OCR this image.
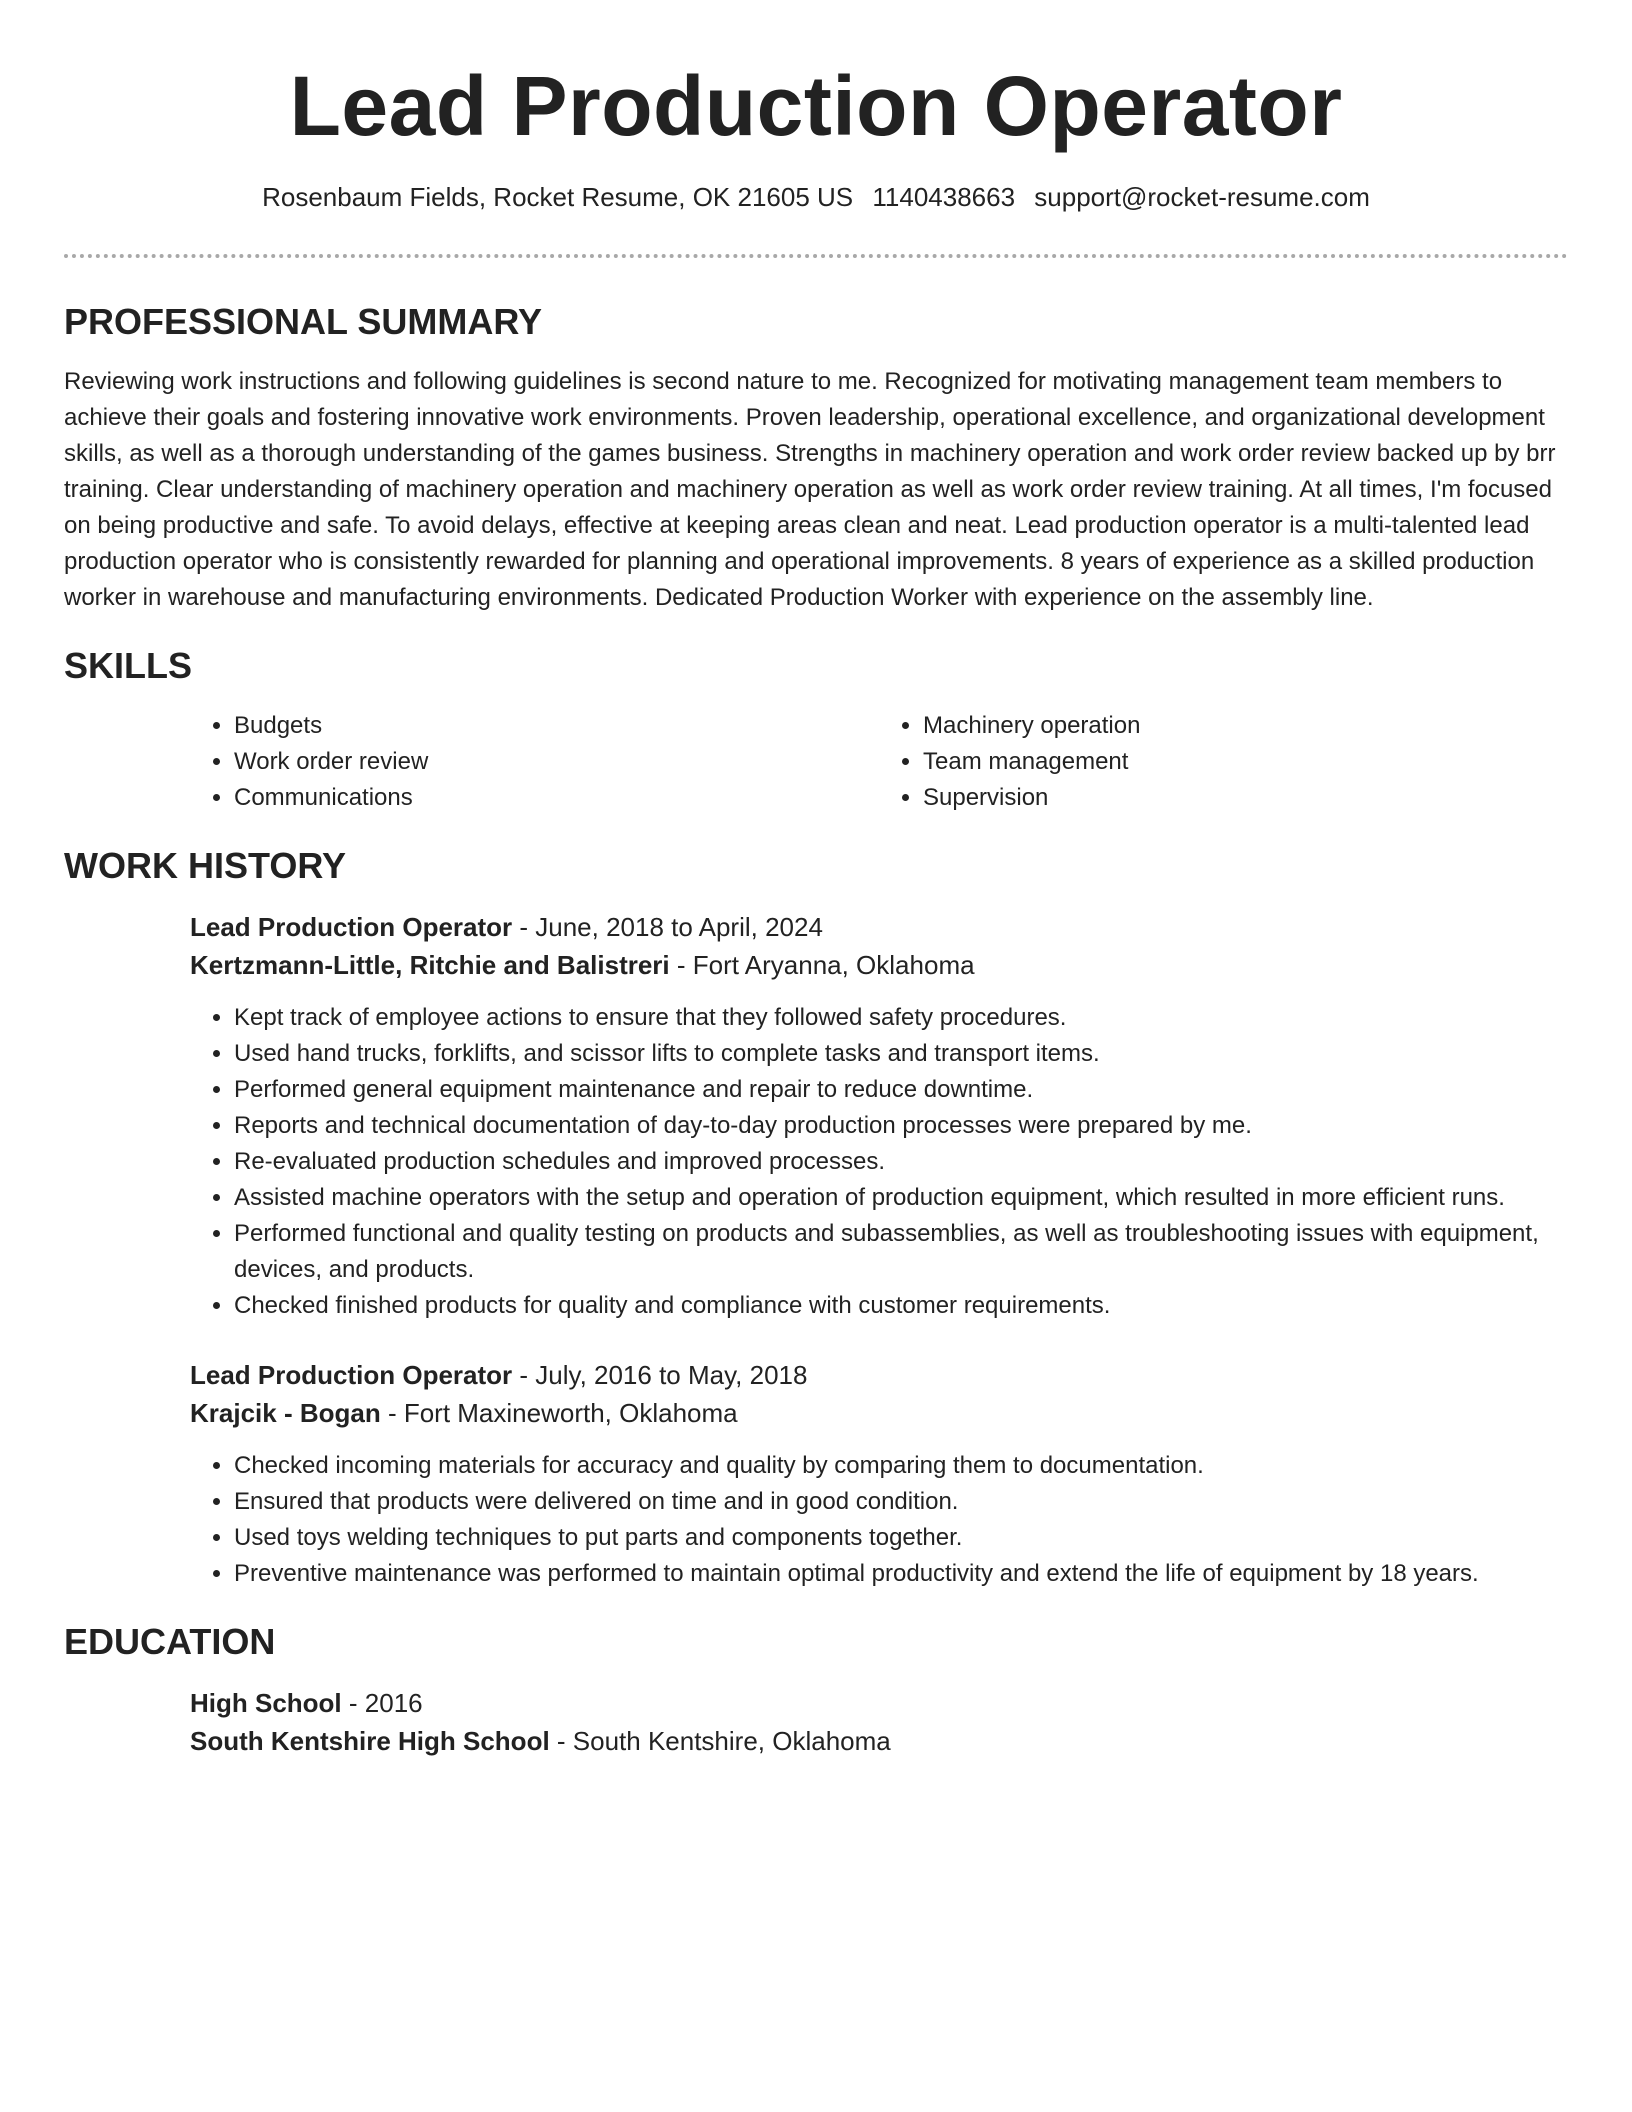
Lead Production Operator
Rosenbaum Fields, Rocket Resume, OK 21605 US 1140438663 support@rocket-resume.com
PROFESSIONAL SUMMARY

Reviewing work instructions and following guidelines is second nature to me. Recognized for motivating management team members to achieve their goals and fostering innovative work environments. Proven leadership, operational excellence, and organizational development skills, as well as a thorough understanding of the games business. Strengths in machinery operation and work order review backed up by brr training. Clear understanding of machinery operation and machinery operation as well as work order review training. At all times, I'm focused on being productive and safe. To avoid delays, effective at keeping areas clean and neat. Lead production operator is a multi-talented lead production operator who is consistently rewarded for planning and operational improvements. 8 years of experience as a skilled production worker in warehouse and manufacturing environments. Dedicated Production Worker with experience on the assembly line.

SKILLS
• Budgets
• Work order review
• Communications
• Machinery operation
• Team management
• Supervision
WORK HISTORY
Lead Production Operator - June, 2018 to April, 2024
Kertzmann-Little, Ritchie and Balistreri - Fort Aryanna, Oklahoma
• Kept track of employee actions to ensure that they followed safety procedures.
• Used hand trucks, forklifts, and scissor lifts to complete tasks and transport items.
• Performed general equipment maintenance and repair to reduce downtime.
• Reports and technical documentation of day-to-day production processes were prepared by me.
• Re-evaluated production schedules and improved processes.
• Assisted machine operators with the setup and operation of production equipment, which resulted in more efficient runs.
• Performed functional and quality testing on products and subassemblies, as well as troubleshooting issues with equipment, devices, and products.
• Checked finished products for quality and compliance with customer requirements.
Lead Production Operator - July, 2016 to May, 2018
Krajcik - Bogan - Fort Maxineworth, Oklahoma
• Checked incoming materials for accuracy and quality by comparing them to documentation.
• Ensured that products were delivered on time and in good condition.
• Used toys welding techniques to put parts and components together.
• Preventive maintenance was performed to maintain optimal productivity and extend the life of equipment by 18 years.
EDUCATION
High School - 2016
South Kentshire High School - South Kentshire, Oklahoma
